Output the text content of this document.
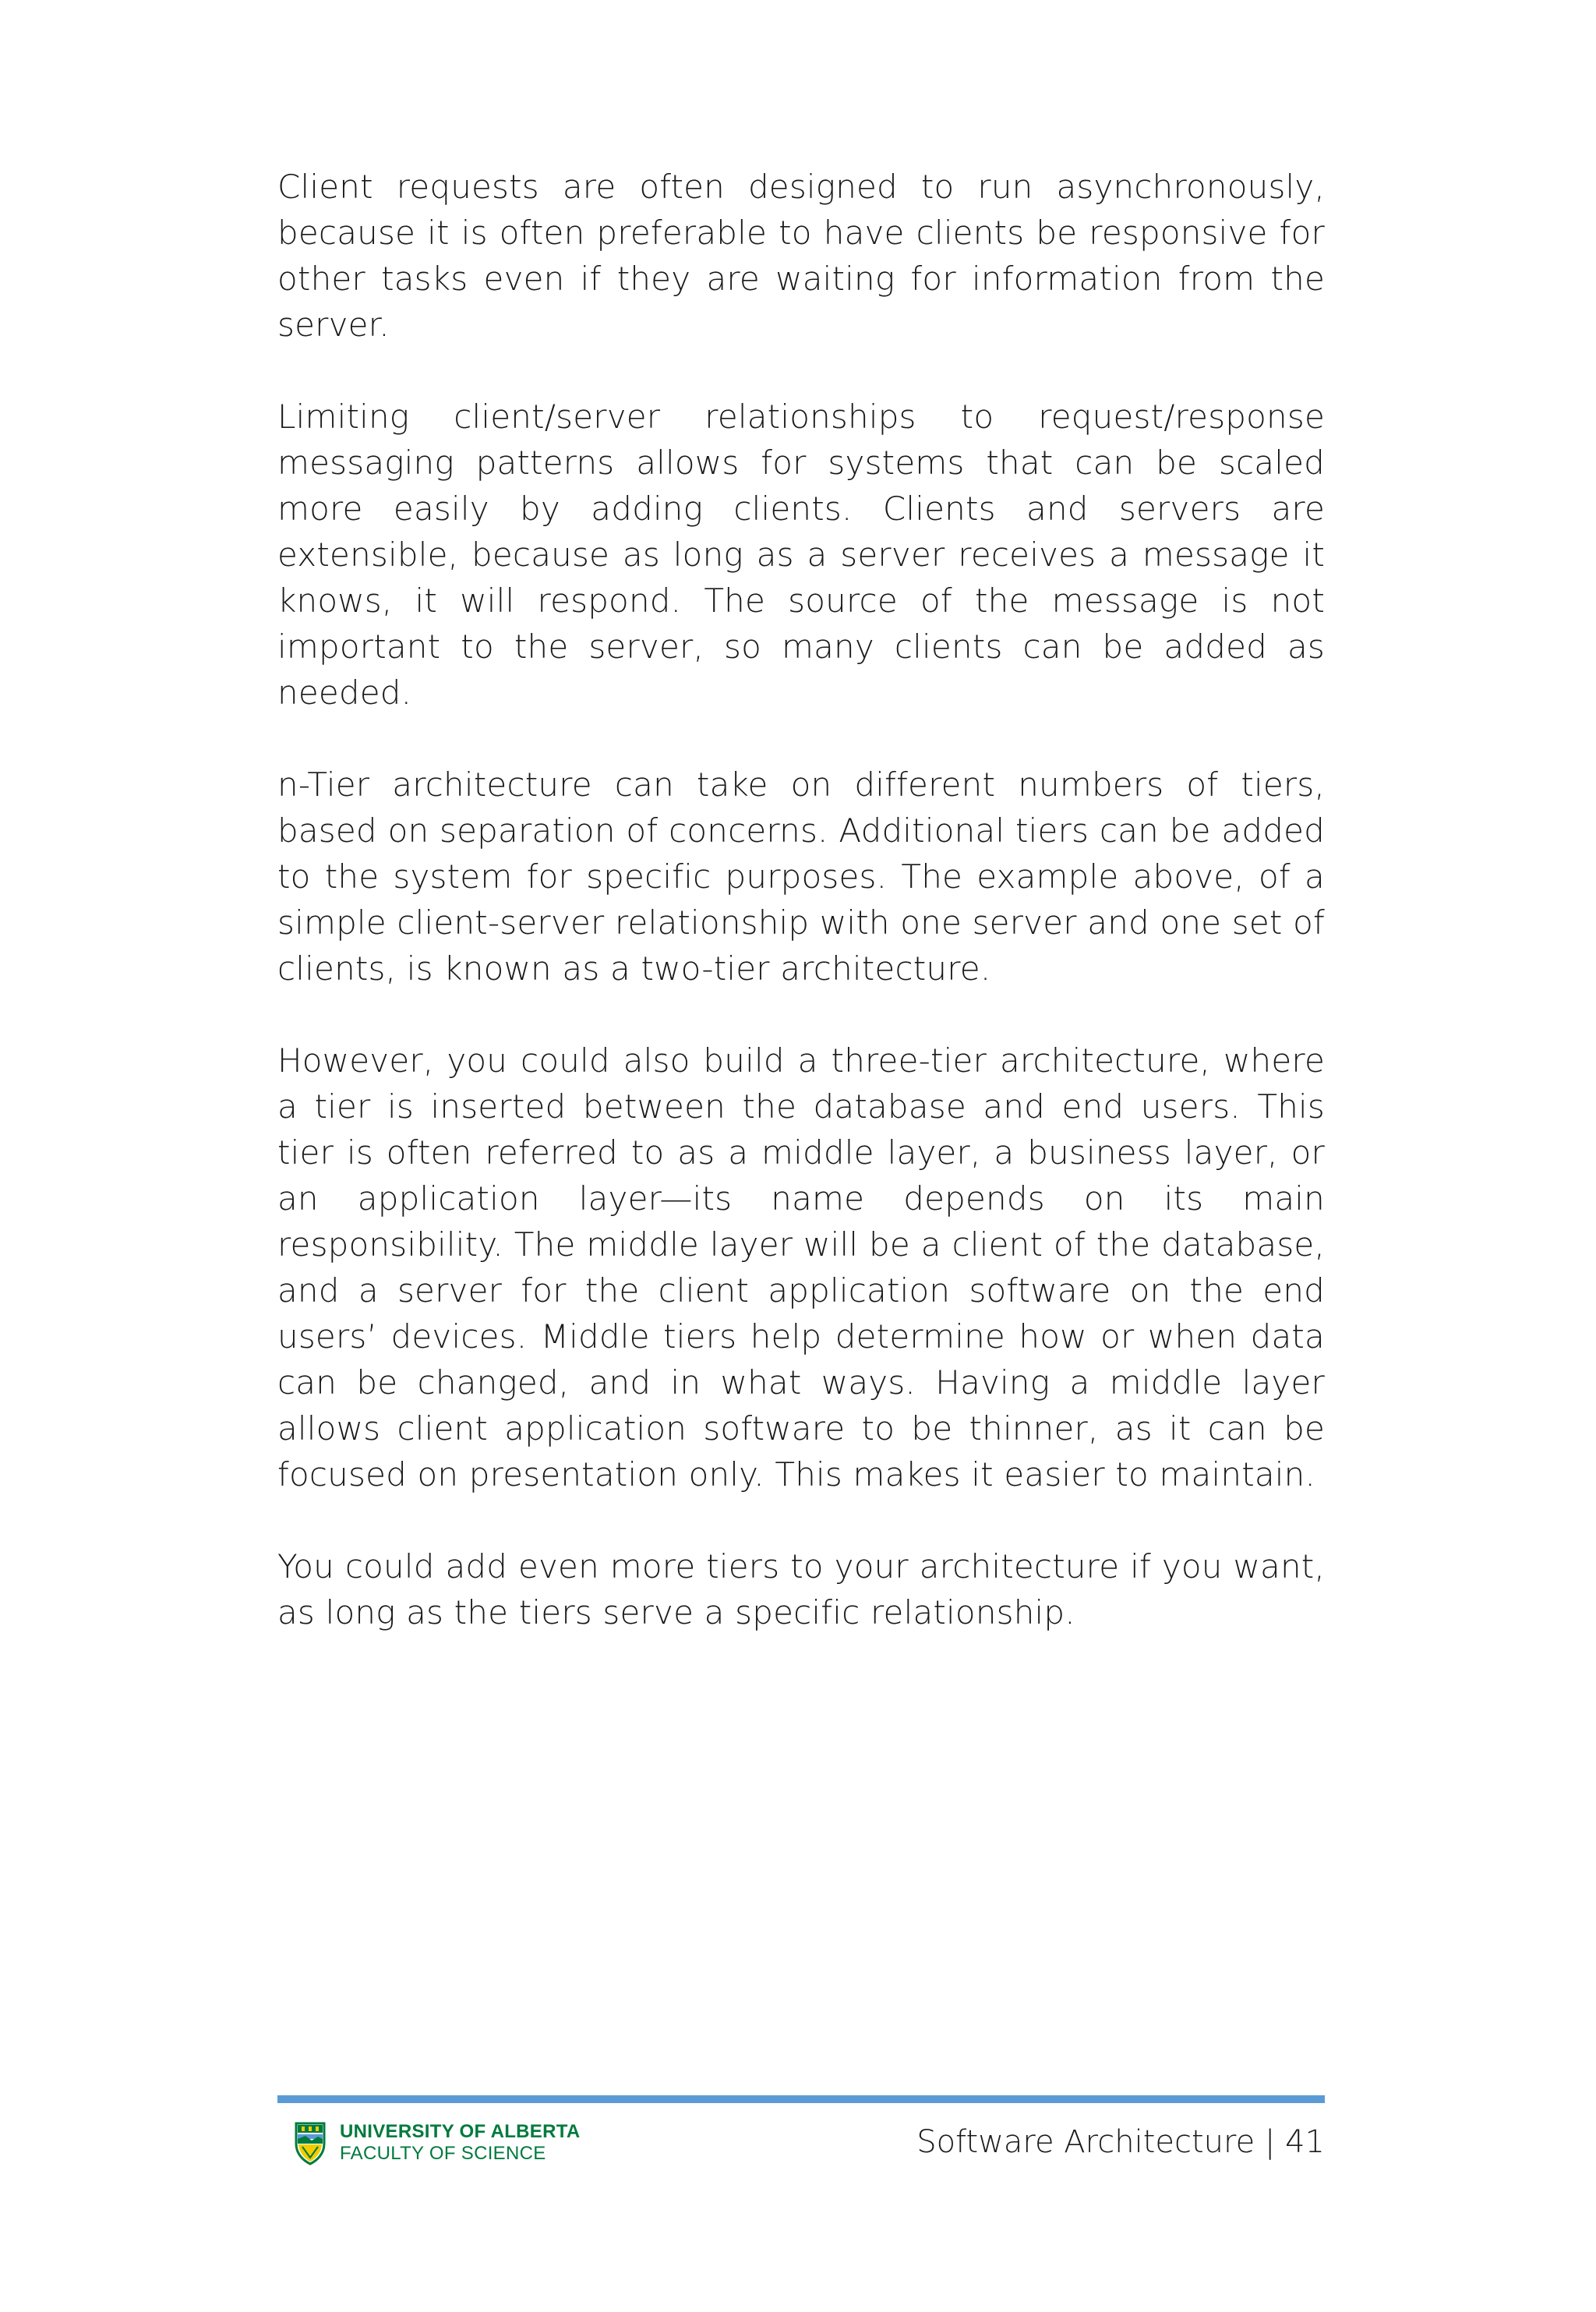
Client requests are often designed to run asynchronously, because it is often preferable to have clients be responsive for other tasks even if they are waiting for information from the server.

Limiting client/server relationships to request/response messaging patterns allows for systems that can be scaled more easily by adding clients. Clients and servers are extensible, because as long as a server receives a message it knows, it will respond. The source of the message is not important to the server, so many clients can be added as needed.

n-Tier architecture can take on different numbers of tiers, based on separation of concerns. Additional tiers can be added to the system for specific purposes. The example above, of a simple client-server relationship with one server and one set of clients, is known as a two-tier architecture.

However, you could also build a three-tier architecture, where a tier is inserted between the database and end users. This tier is often referred to as a middle layer, a business layer, or an application layer—its name depends on its main responsibility. The middle layer will be a client of the database, and a server for the client application software on the end users’ devices. Middle tiers help determine how or when data can be changed, and in what ways. Having a middle layer allows client application software to be thinner, as it can be focused on presentation only. This makes it easier to maintain.

You could add even more tiers to your architecture if you want, as long as the tiers serve a specific relationship.

UNIVERSITY OF ALBERTA
FACULTY OF SCIENCE	Software Architecture | 41
